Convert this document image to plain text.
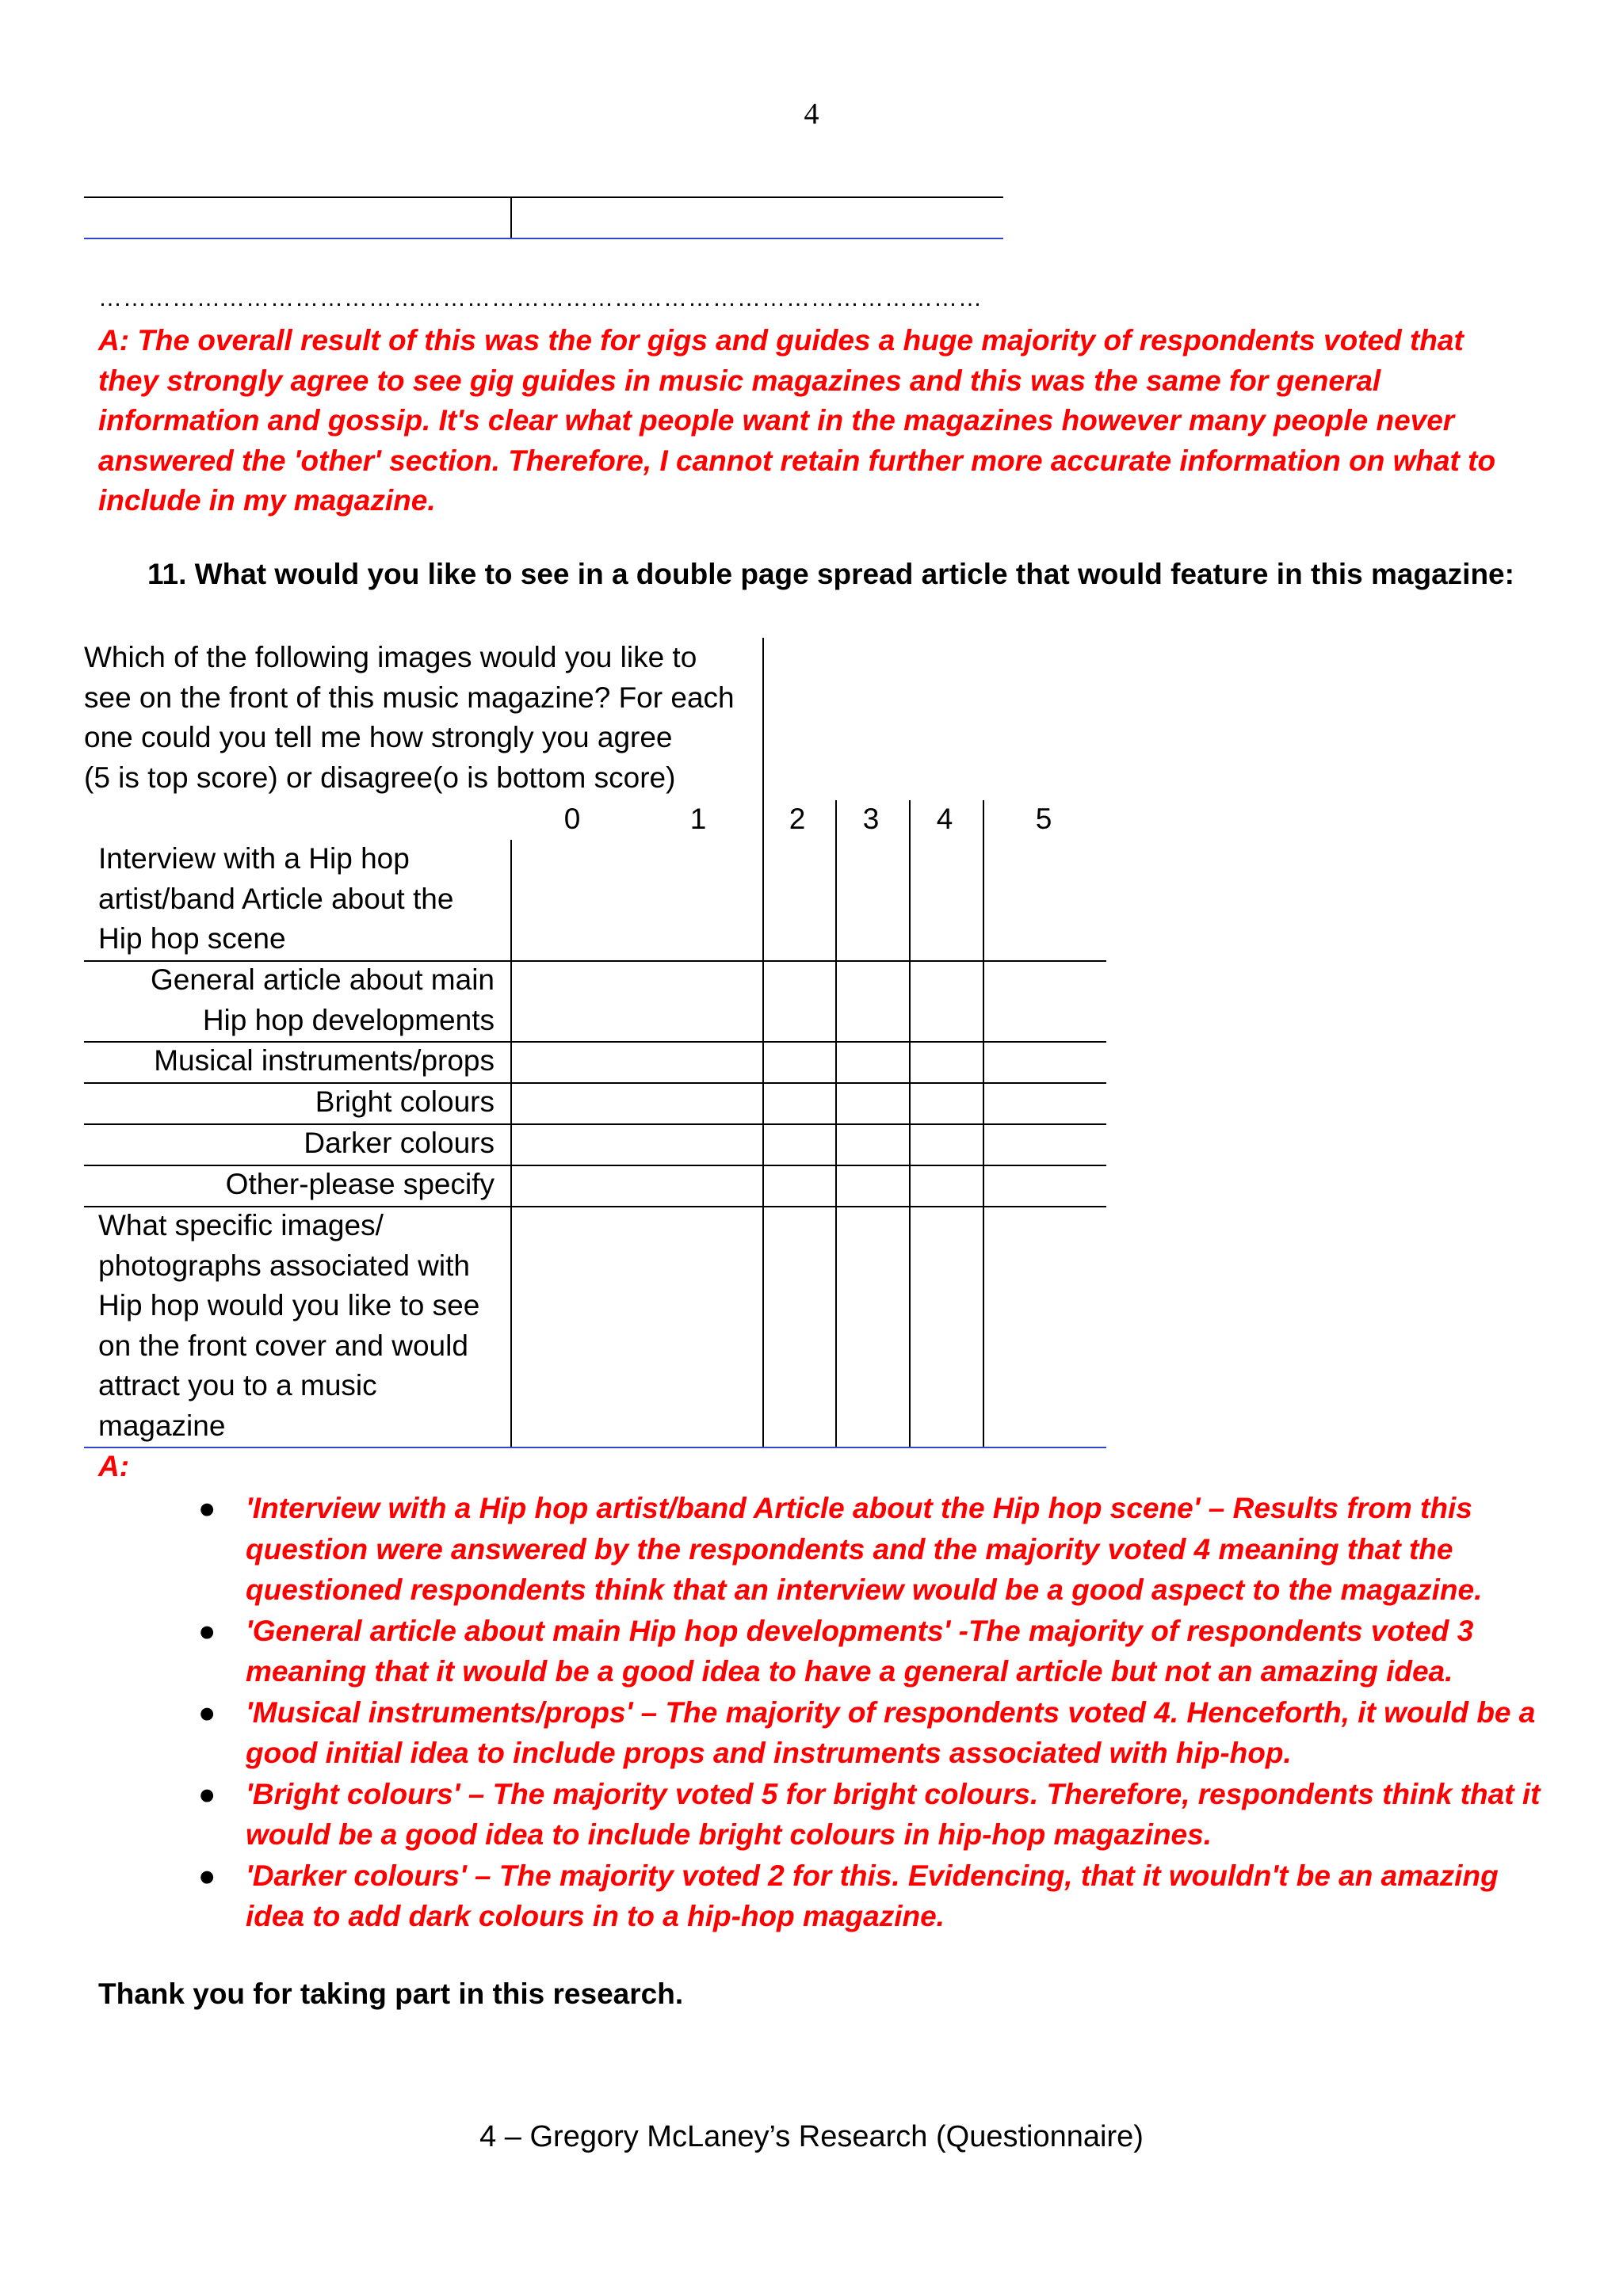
4
………………………………………………………………………………………………
A: The overall result of this was the for gigs and guides a huge majority of respondents voted that they strongly agree to see gig guides in music magazines and this was the same for general information and gossip. It's clear what people want in the magazines however many people never answered the 'other' section. Therefore, I cannot retain further more accurate information on what to include in my magazine.
11. What would you like to see in a double page spread article that would feature in this magazine:
Which of the following images would you like to
see on the front of this music magazine? For each
one could you tell me how strongly you agree
(5 is top score) or disagree(o is bottom score)
0	1	2 3 4	5
Interview with a Hip hop
artist/band Article about the
Hip hop scene
General article about main
Hip hop developments
Musical instruments/props
Bright colours
Darker colours
Other-please specify
What specific images/
photographs associated with
Hip hop would you like to see
on the front cover and would
attract you to a music
magazine
A:
● 'Interview with a Hip hop artist/band Article about the Hip hop scene' – Results from this question were answered by the respondents and the majority voted 4 meaning that the questioned respondents think that an interview would be a good aspect to the magazine.
● 'General article about main Hip hop developments' -The majority of respondents voted 3 meaning that it would be a good idea to have a general article but not an amazing idea.
● 'Musical instruments/props' – The majority of respondents voted 4. Henceforth, it would be a good initial idea to include props and instruments associated with hip-hop.
● 'Bright colours' – The majority voted 5 for bright colours. Therefore, respondents think that it would be a good idea to include bright colours in hip-hop magazines.
● 'Darker colours' – The majority voted 2 for this. Evidencing, that it wouldn't be an amazing idea to add dark colours in to a hip-hop magazine.
Thank you for taking part in this research.
4 – Gregory McLaney’s Research (Questionnaire)
